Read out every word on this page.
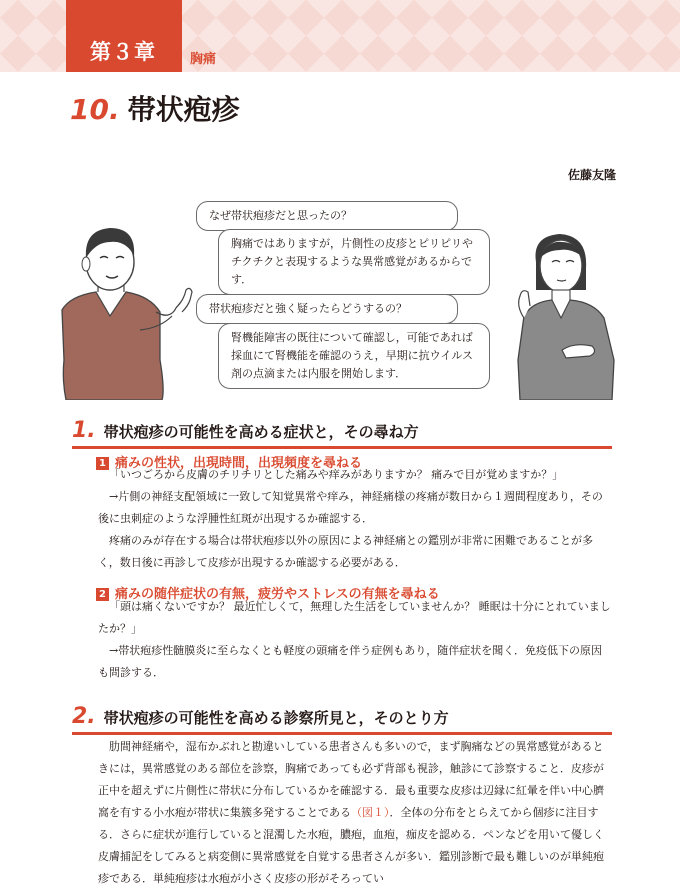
第３章	胸痛
10. 帯状疱疹
佐藤友隆
なぜ帯状疱疹だと思ったの？
胸痛ではありますが，片側性の皮疹とピリピリやチクチクと表現するような異常感覚があるからです．
帯状疱疹だと強く疑ったらどうするの？
腎機能障害の既往について確認し，可能であれば採血にて腎機能を確認のうえ，早期に抗ウイルス剤の点滴または内服を開始します．
1. 帯状疱疹の可能性を高める症状と，その尋ね方
1 痛みの性状，出現時間，出現頻度を尋ねる

「いつごろから皮膚のチリチリとした痛みや痒みがありますか？ 痛みで目が覚めますか？」

→片側の神経支配領域に一致して知覚異常や痒み，神経痛様の疼痛が数日から１週間程度あり，その後に虫刺症のような浮腫性紅斑が出現するか確認する．

疼痛のみが存在する場合は帯状疱疹以外の原因による神経痛との鑑別が非常に困難であることが多く，数日後に再診して皮疹が出現するか確認する必要がある．

2 痛みの随伴症状の有無，疲労やストレスの有無を尋ねる

「頭は痛くないですか？ 最近忙しくて，無理した生活をしていませんか？ 睡眠は十分にとれていましたか？」

→帯状疱疹性髄膜炎に至らなくとも軽度の頭痛を伴う症例もあり，随伴症状を聞く．免疫低下の原因も問診する．

2. 帯状疱疹の可能性を高める診察所見と，そのとり方

肋間神経痛や，湿布かぶれと勘違いしている患者さんも多いので，まず胸痛などの異常感覚があるときには，異常感覚のある部位を診察，胸痛であっても必ず背部も視診，触診にて診察すること．皮疹が正中を超えずに片側性に帯状に分布しているかを確認する．最も重要な皮疹は辺縁に紅暈を伴い中心臍窩を有する小水疱が帯状に集簇多発することである（図１）．全体の分布をとらえてから個疹に注目する．さらに症状が進行していると混濁した水疱，膿疱，血疱，痂皮を認める．ペンなどを用いて優しく皮膚捕記をしてみると病変側に異常感覚を自覚する患者さんが多い．鑑別診断で最も難しいのが単純疱疹である．単純疱疹は水疱が小さく皮疹の形がそろってい
